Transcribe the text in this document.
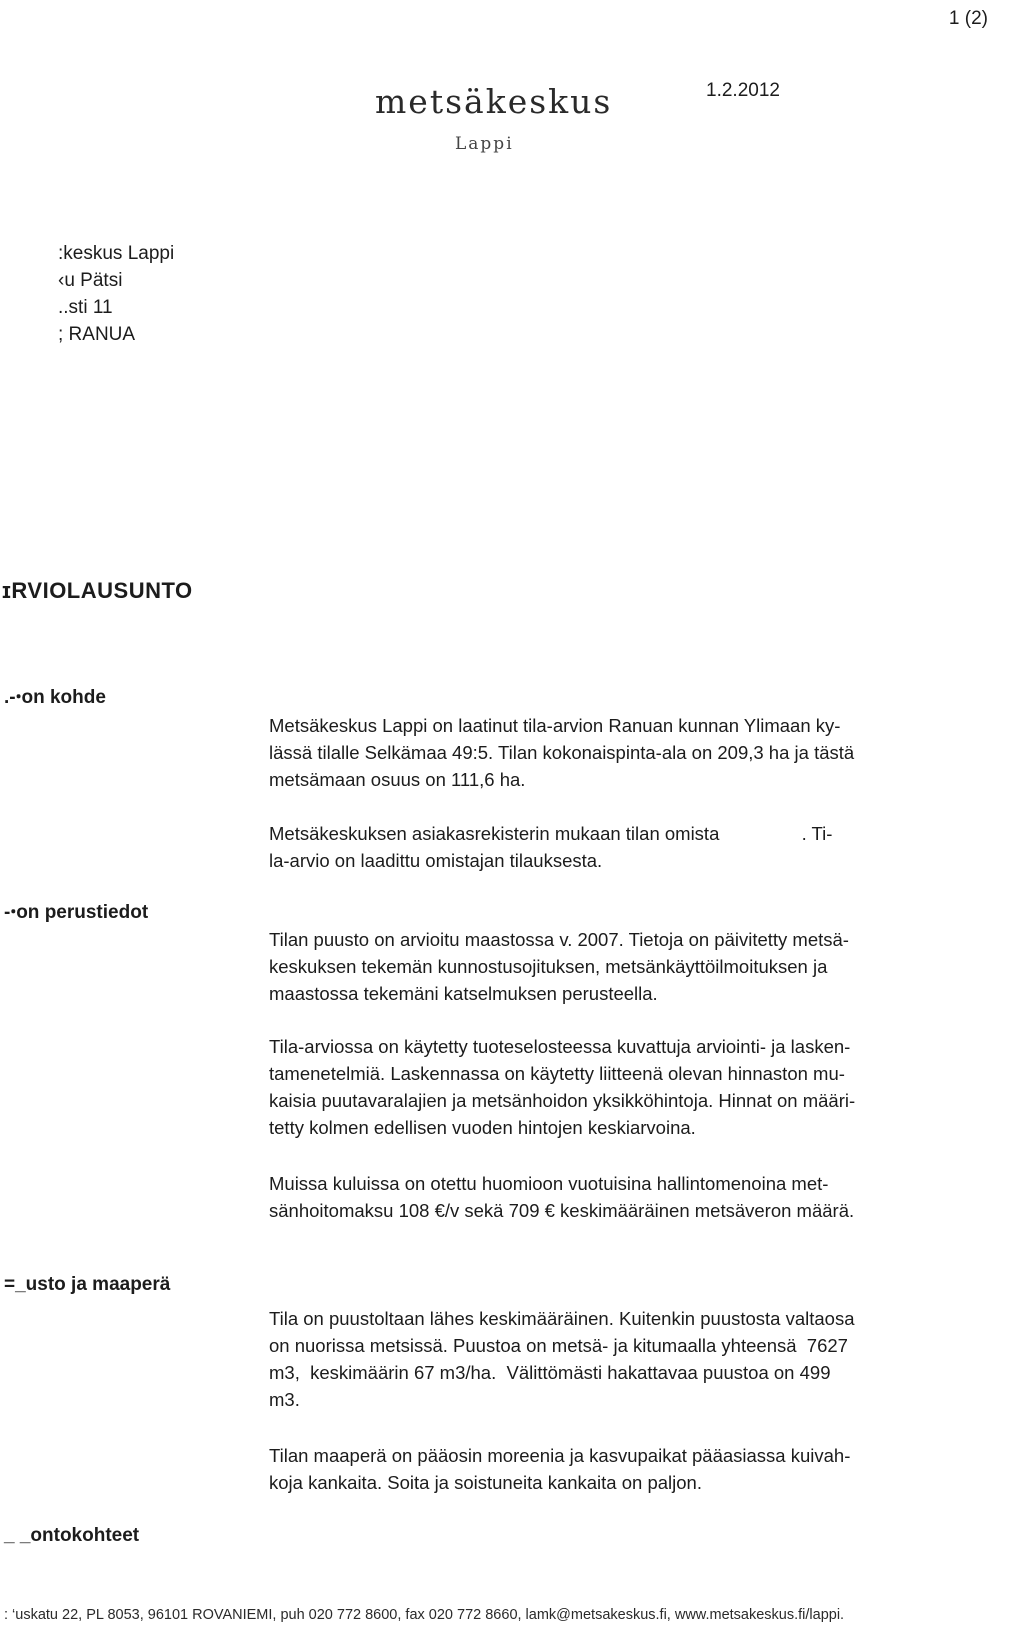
1 (2)
metsäkeskus
Lappi
1.2.2012
:keskus Lappi
‹u Pätsi
..sti 11
; RANUA
ɪRVIOLAUSUNTO
.-ꞏon kohde
Metsäkeskus Lappi on laatinut tila-arvion Ranuan kunnan Ylimaan ky-
lässä tilalle Selkämaa 49:5. Tilan kokonaispinta-ala on 209,3 ha ja tästä
metsämaan osuus on 111,6 ha.
Metsäkeskuksen asiakasrekisterin mukaan tilan omista                . Ti-
la-arvio on laadittu omistajan tilauksesta.
-ꞏon perustiedot
Tilan puusto on arvioitu maastossa v. 2007. Tietoja on päivitetty metsä-
keskuksen tekemän kunnostusojituksen, metsänkäyttöilmoituksen ja
maastossa tekemäni katselmuksen perusteella.
Tila-arviossa on käytetty tuoteselosteessa kuvattuja arviointi- ja lasken-
tamenetelmiä. Laskennassa on käytetty liitteenä olevan hinnaston mu-
kaisia puutavaralajien ja metsänhoidon yksikköhintoja. Hinnat on määri-
tetty kolmen edellisen vuoden hintojen keskiarvoina.
Muissa kuluissa on otettu huomioon vuotuisina hallintomenoina met-
sänhoitomaksu 108 €/v sekä 709 € keskimääräinen metsäveron määrä.
=_usto ja maaperä
Tila on puustoltaan lähes keskimääräinen. Kuitenkin puustosta valtaosa
on nuorissa metsissä. Puustoa on metsä- ja kitumaalla yhteensä  7627
m3,  keskimäärin 67 m3/ha.  Välittömästi hakattavaa puustoa on 499
m3.
Tilan maaperä on pääosin moreenia ja kasvupaikat pääasiassa kuivah-
koja kankaita. Soita ja soistuneita kankaita on paljon.
_ _ontokohteet
: ‘uskatu 22, PL 8053, 96101 ROVANIEMI, puh 020 772 8600, fax 020 772 8660, lamk@metsakeskus.fi, www.metsakeskus.fi/lappi.
